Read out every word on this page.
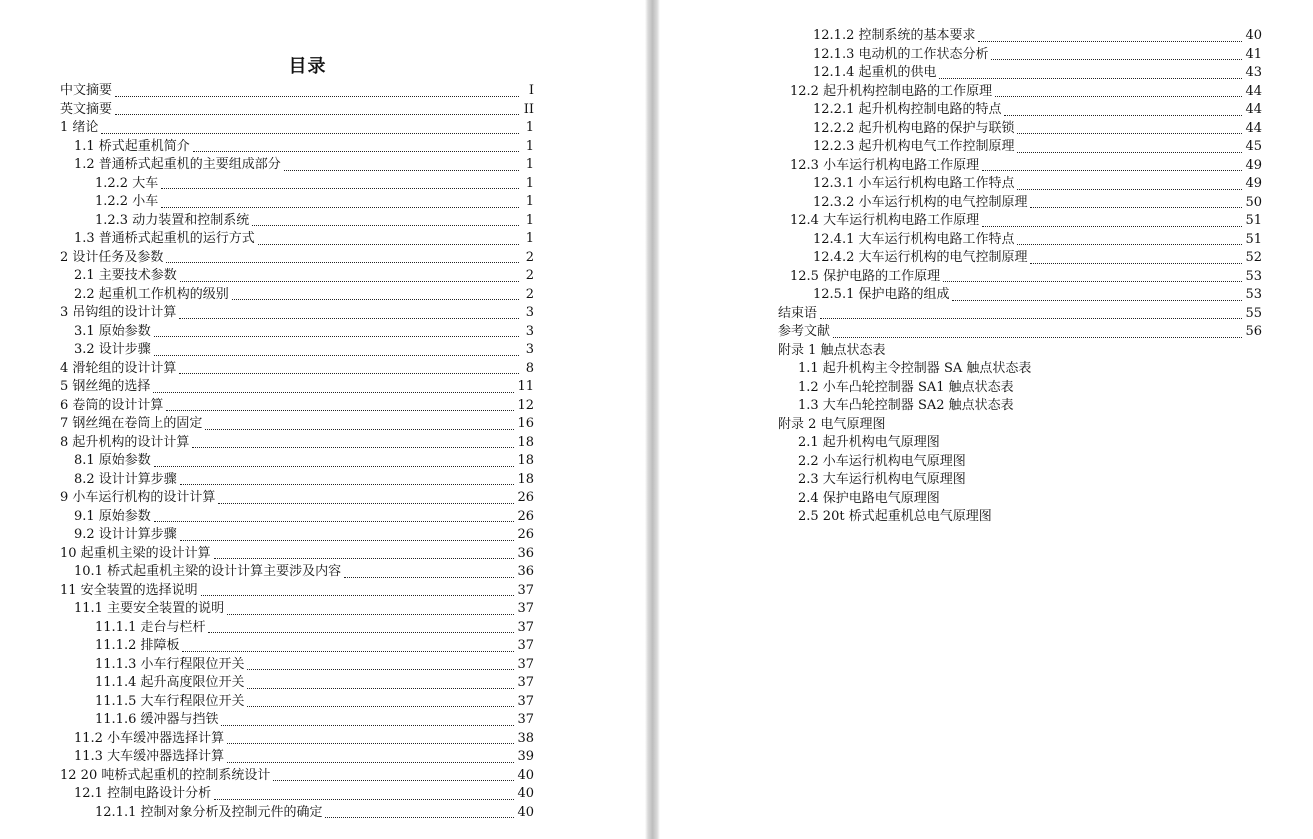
目录
中文摘要	I
英文摘要	II
1 绪论	1
1.1 桥式起重机简介	1
1.2 普通桥式起重机的主要组成部分	1
1.2.2 大车	1
1.2.2 小车	1
1.2.3 动力装置和控制系统	1
1.3 普通桥式起重机的运行方式	1
2 设计任务及参数	2
2.1 主要技术参数	2
2.2 起重机工作机构的级别	2
3 吊钩组的设计计算	3
3.1 原始参数	3
3.2 设计步骤	3
4 滑轮组的设计计算	8
5 钢丝绳的选择	11
6 卷筒的设计计算	12
7 钢丝绳在卷筒上的固定	16
8 起升机构的设计计算	18
8.1 原始参数	18
8.2 设计计算步骤	18
9 小车运行机构的设计计算	26
9.1 原始参数	26
9.2 设计计算步骤	26
10 起重机主梁的设计计算	36
10.1 桥式起重机主梁的设计计算主要涉及内容	36
11 安全装置的选择说明	37
11.1 主要安全装置的说明	37
11.1.1 走台与栏杆	37
11.1.2 排障板	37
11.1.3 小车行程限位开关	37
11.1.4 起升高度限位开关	37
11.1.5 大车行程限位开关	37
11.1.6 缓冲器与挡铁	37
11.2 小车缓冲器选择计算	38
11.3 大车缓冲器选择计算	39
12 20 吨桥式起重机的控制系统设计	40
12.1 控制电路设计分析	40
12.1.1 控制对象分析及控制元件的确定	40
12.1.2 控制系统的基本要求	40
12.1.3 电动机的工作状态分析	41
12.1.4 起重机的供电	43
12.2 起升机构控制电路的工作原理	44
12.2.1 起升机构控制电路的特点	44
12.2.2 起升机构电路的保护与联锁	44
12.2.3 起升机构电气工作控制原理	45
12.3 小车运行机构电路工作原理	49
12.3.1 小车运行机构电路工作特点	49
12.3.2 小车运行机构的电气控制原理	50
12.4 大车运行机构电路工作原理	51
12.4.1 大车运行机构电路工作特点	51
12.4.2 大车运行机构的电气控制原理	52
12.5 保护电路的工作原理	53
12.5.1 保护电路的组成	53
结束语	55
参考文献	56
附录 1 触点状态表
1.1 起升机构主令控制器 SA 触点状态表
1.2 小车凸轮控制器 SA1 触点状态表
1.3 大车凸轮控制器 SA2 触点状态表
附录 2 电气原理图
2.1 起升机构电气原理图
2.2 小车运行机构电气原理图
2.3 大车运行机构电气原理图
2.4 保护电路电气原理图
2.5 20t 桥式起重机总电气原理图
